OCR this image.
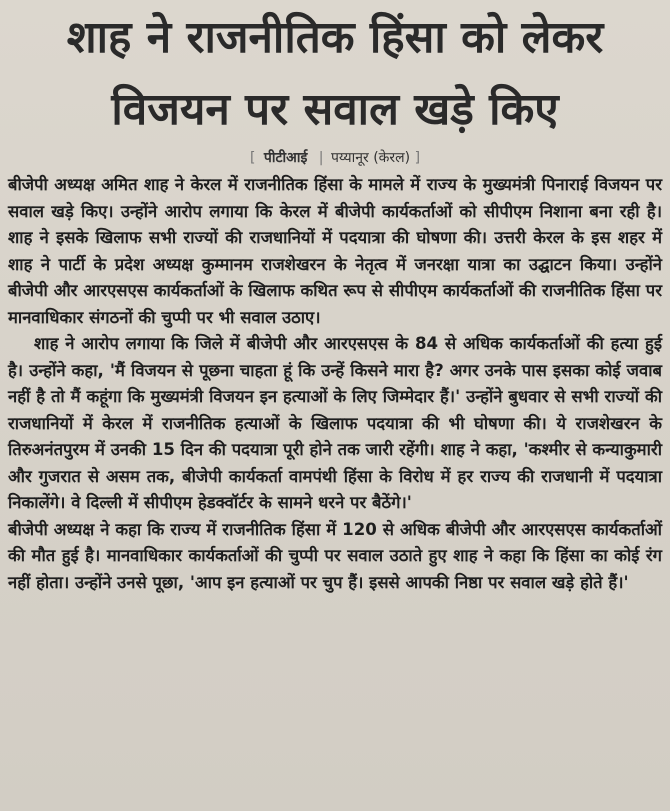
शाह ने राजनीतिक हिंसा को लेकर
विजयन पर सवाल खड़े किए
[ पीटीआई | पय्यानूर (केरल) ]

बीजेपी अध्यक्ष अमित शाह ने केरल में राजनीतिक हिंसा के मामले में राज्य के मुख्यमंत्री पिनाराई विजयन पर सवाल खड़े किए। उन्होंने आरोप लगाया कि केरल में बीजेपी कार्यकर्ताओं को सीपीएम निशाना बना रही है। शाह ने इसके खिलाफ सभी राज्यों की राजधानियों में पदयात्रा की घोषणा की। उत्तरी केरल के इस शहर में शाह ने पार्टी के प्रदेश अध्यक्ष कुम्मानम राजशेखरन के नेतृत्व में जनरक्षा यात्रा का उद्घाटन किया। उन्होंने बीजेपी और आरएसएस कार्यकर्ताओं के खिलाफ कथित रूप से सीपीएम कार्यकर्ताओं की राजनीतिक हिंसा पर मानवाधिकार संगठनों की चुप्पी पर भी सवाल उठाए।

शाह ने आरोप लगाया कि जिले में बीजेपी और आरएसएस के 84 से अधिक कार्यकर्ताओं की हत्या हुई है। उन्होंने कहा, 'मैं विजयन से पूछना चाहता हूं कि उन्हें किसने मारा है? अगर उनके पास इसका कोई जवाब नहीं है तो मैं कहूंगा कि मुख्यमंत्री विजयन इन हत्याओं के लिए जिम्मेदार हैं।' उन्होंने बुधवार से सभी राज्यों की राजधानियों में केरल में राजनीतिक हत्याओं के खिलाफ पदयात्रा की भी घोषणा की। ये राजशेखरन के तिरुअनंतपुरम में उनकी 15 दिन की पदयात्रा पूरी होने तक जारी रहेंगी। शाह ने कहा, 'कश्मीर से कन्याकुमारी और गुजरात से असम तक, बीजेपी कार्यकर्ता वामपंथी हिंसा के विरोध में हर राज्य की राजधानी में पदयात्रा निकालेंगे। वे दिल्ली में सीपीएम हेडक्वॉर्टर के सामने धरने पर बैठेंगे।'

बीजेपी अध्यक्ष ने कहा कि राज्य में राजनीतिक हिंसा में 120 से अधिक बीजेपी और आरएसएस कार्यकर्ताओं की मौत हुई है। मानवाधिकार कार्यकर्ताओं की चुप्पी पर सवाल उठाते हुए शाह ने कहा कि हिंसा का कोई रंग नहीं होता। उन्होंने उनसे पूछा, 'आप इन हत्याओं पर चुप हैं। इससे आपकी निष्ठा पर सवाल खड़े होते हैं।'
